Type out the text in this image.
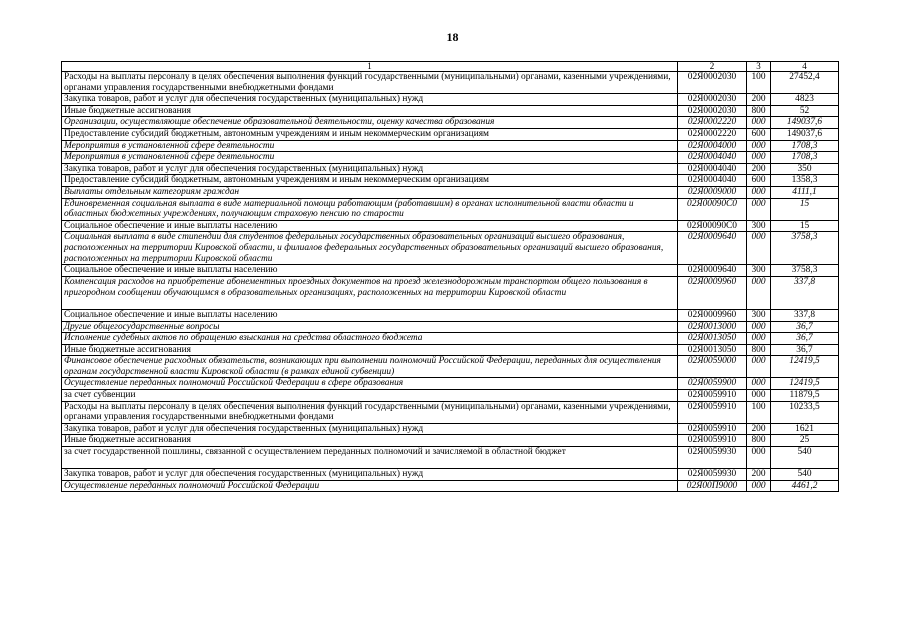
18
1	2	3	4
Расходы на выплаты персоналу в целях обеспечения выполнения функций государственными (муниципальными) органами, казенными учреждениями, органами управления государственными внебюджетными фондами	02Я0002030	100	27452,4
Закупка товаров, работ и услуг для обеспечения государственных (муниципальных) нужд	02Я0002030	200	4823
Иные бюджетные ассигнования	02Я0002030	800	52
Организации, осуществляющие обеспечение образовательной деятельности, оценку качества образования	02Я0002220	000	149037,6
Предоставление субсидий бюджетным, автономным учреждениям и иным некоммерческим организациям	02Я0002220	600	149037,6
Мероприятия в установленной сфере деятельности	02Я0004000	000	1708,3
Мероприятия в установленной сфере деятельности	02Я0004040	000	1708,3
Закупка товаров, работ и услуг для обеспечения государственных (муниципальных) нужд	02Я0004040	200	350
Предоставление субсидий бюджетным, автономным учреждениям и иным некоммерческим организациям	02Я0004040	600	1358,3
Выплаты отдельным категориям граждан	02Я0009000	000	4111,1
Единовременная социальная выплата в виде материальной помощи работающим (работавшим) в органах исполнительной власти области и областных бюджетных учреждениях, получающим страховую пенсию по старости	02Я00090С0	000	15
Социальное обеспечение и иные выплаты населению	02Я00090С0	300	15
Социальная выплата в виде стипендии для студентов федеральных государственных образовательных организаций высшего образования, расположенных на территории Кировской области, и филиалов федеральных государственных образовательных организаций высшего образования, расположенных на территории Кировской области	02Я0009640	000	3758,3
Социальное обеспечение и иные выплаты населению	02Я0009640	300	3758,3
Компенсация расходов на приобретение абонементных проездных документов на проезд железнодорожным транспортом общего пользования в пригородном сообщении обучающимся в образовательных организациях, расположенных на территории Кировской области	02Я0009960	000	337,8
Социальное обеспечение и иные выплаты населению	02Я0009960	300	337,8
Другие общегосударственные вопросы	02Я0013000	000	36,7
Исполнение судебных актов по обращению взыскания на средства областного бюджета	02Я0013050	000	36,7
Иные бюджетные ассигнования	02Я0013050	800	36,7
Финансовое обеспечение расходных обязательств, возникающих при выполнении полномочий Российской Федерации, переданных для осуществления органам государственной власти Кировской области (в рамках единой субвенции)	02Я0059000	000	12419,5
Осуществление переданных полномочий Российской Федерации в сфере образования	02Я0059900	000	12419,5
за счет субвенции	02Я0059910	000	11879,5
Расходы на выплаты персоналу в целях обеспечения выполнения функций государственными (муниципальными) органами, казенными учреждениями, органами управления государственными внебюджетными фондами	02Я0059910	100	10233,5
Закупка товаров, работ и услуг для обеспечения государственных (муниципальных) нужд	02Я0059910	200	1621
Иные бюджетные ассигнования	02Я0059910	800	25
за счет государственной пошлины, связанной с осуществлением переданных полномочий и зачисляемой в областной бюджет	02Я0059930	000	540
Закупка товаров, работ и услуг для обеспечения государственных (муниципальных) нужд	02Я0059930	200	540
Осуществление переданных полномочий Российской Федерации	02Я00П9000	000	4461,2
